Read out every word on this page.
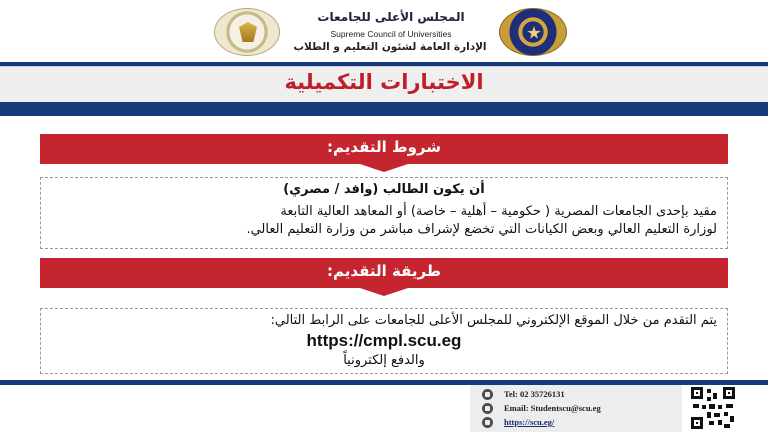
المجلس الأعلى للجامعات
Supreme Council of Universities
الإدارة العامة لشئون التعليم و الطلاب
الاختبارات التكميلية
شروط التقديم:
أن يكون الطالب (وافد / مصري)
مقيد بإحدى الجامعات المصرية ( حكومية – أهلية – خاصة) أو المعاهد العالية التابعة
لوزارة التعليم العالي وبعض الكيانات التي تخضع لإشراف مباشر من وزارة التعليم العالي.
طريقة التقديم:
يتم التقدم من خلال الموقع الإلكتروني للمجلس الأعلى للجامعات على الرابط التالي:
https://cmpl.scu.eg
والدفع إلكترونياً
Tel: 02 35726131
Email: Studentscu@scu.eg
https://scu.eg/
